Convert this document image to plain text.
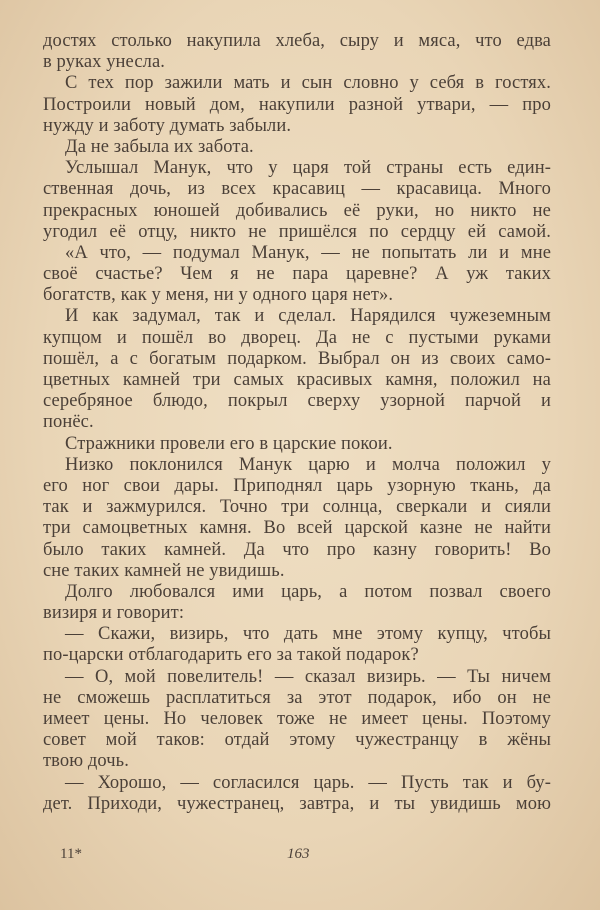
достях столько накупила хлеба, сыру и мяса, что едва
в руках унесла.
С тех пор зажили мать и сын словно у себя в гостях.
Построили новый дом, накупили разной утвари, — про
нужду и заботу думать забыли.
Да не забыла их забота.
Услышал Манук, что у царя той страны есть един-
ственная дочь, из всех красавиц — красавица. Много
прекрасных юношей добивались её руки, но никто не
угодил её отцу, никто не пришёлся по сердцу ей самой.
«А что, — подумал Манук, — не попытать ли и мне
своё счастье? Чем я не пара царевне? А уж таких
богатств, как у меня, ни у одного царя нет».
И как задумал, так и сделал. Нарядился чужеземным
купцом и пошёл во дворец. Да не с пустыми руками
пошёл, а с богатым подарком. Выбрал он из своих само-
цветных камней три самых красивых камня, положил на
серебряное блюдо, покрыл сверху узорной парчой и
понёс.
Стражники провели его в царские покои.
Низко поклонился Манук царю и молча положил у
его ног свои дары. Приподнял царь узорную ткань, да
так и зажмурился. Точно три солнца, сверкали и сияли
три самоцветных камня. Во всей царской казне не найти
было таких камней. Да что про казну говорить! Во
сне таких камней не увидишь.
Долго любовался ими царь, а потом позвал своего
визиря и говорит:
— Скажи, визирь, что дать мне этому купцу, чтобы
по-царски отблагодарить его за такой подарок?
— О, мой повелитель! — сказал визирь. — Ты ничем
не сможешь расплатиться за этот подарок, ибо он не
имеет цены. Но человек тоже не имеет цены. Поэтому
совет мой таков: отдай этому чужестранцу в жёны
твою дочь.
— Хорошо, — согласился царь. — Пусть так и бу-
дет. Приходи, чужестранец, завтра, и ты увидишь мою
11*	163
